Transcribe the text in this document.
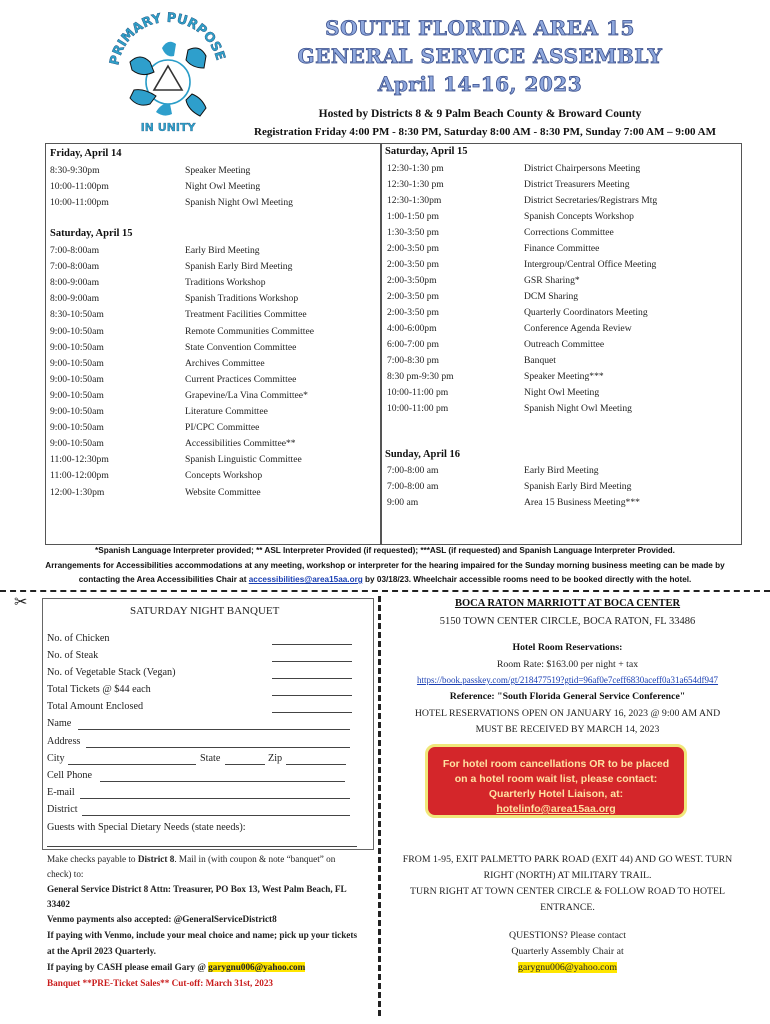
PRIMARY PURPOSE
IN UNITY
SOUTH FLORIDA AREA 15
GENERAL SERVICE ASSEMBLY
April 14-16, 2023
Hosted by Districts 8 & 9 Palm Beach County & Broward County
Registration Friday 4:00 PM - 8:30 PM, Saturday 8:00 AM - 8:30 PM, Sunday 7:00 AM – 9:00 AM
Friday, April 14
8:30-9:30pm	Speaker Meeting
10:00-11:00pm	Night Owl Meeting
10:00-11:00pm	Spanish Night Owl Meeting
Saturday, April 15
7:00-8:00am	Early Bird Meeting
7:00-8:00am	Spanish Early Bird Meeting
8:00-9:00am	Traditions Workshop
8:00-9:00am	Spanish Traditions Workshop
8:30-10:50am	Treatment Facilities Committee
9:00-10:50am	Remote Communities Committee
9:00-10:50am	State Convention Committee
9:00-10:50am	Archives Committee
9:00-10:50am	Current Practices Committee
9:00-10:50am	Grapevine/La Vina Committee*
9:00-10:50am	Literature Committee
9:00-10:50am	PI/CPC Committee
9:00-10:50am	Accessibilities Committee**
11:00-12:30pm	Spanish Linguistic Committee
11:00-12:00pm	Concepts Workshop
12:00-1:30pm	Website Committee
Saturday, April 15
12:30-1:30 pm	District Chairpersons Meeting
12:30-1:30 pm	District Treasurers Meeting
12:30-1:30pm	District Secretaries/Registrars Mtg
1:00-1:50 pm	Spanish Concepts Workshop
1:30-3:50 pm	Corrections Committee
2:00-3:50 pm	Finance Committee
2:00-3:50 pm	Intergroup/Central Office Meeting
2:00-3:50pm	GSR Sharing*
2:00-3:50 pm	DCM Sharing
2:00-3:50 pm	Quarterly Coordinators Meeting
4:00-6:00pm	Conference Agenda Review
6:00-7:00 pm	Outreach Committee
7:00-8:30 pm	Banquet
8:30 pm-9:30 pm	Speaker Meeting***
10:00-11:00 pm	Night Owl Meeting
10:00-11:00 pm	Spanish Night Owl Meeting
Sunday, April 16
7:00-8:00 am	Early Bird Meeting
7:00-8:00 am	Spanish Early Bird Meeting
9:00 am	Area 15 Business Meeting***
*Spanish Language Interpreter provided; ** ASL Interpreter Provided (if requested); ***ASL (if requested) and Spanish Language Interpreter Provided.
Arrangements for Accessibilities accommodations at any meeting, workshop or interpreter for the hearing impaired for the Sunday morning business meeting can be made by
contacting the Area Accessibilities Chair at accessibilities@area15aa.org by 03/18/23. Wheelchair accessible rooms need to be booked directly with the hotel.
✂	SATURDAY NIGHT BANQUET
No. of Chicken
No. of Steak
No. of Vegetable Stack (Vegan)
Total Tickets @ $44 each
Total Amount Enclosed
Name
Address
City	State	Zip
Cell Phone
E-mail
District
Guests with Special Dietary Needs (state needs):
Make checks payable to District 8. Mail in (with coupon & note “banquet” on
check) to:
General Service District 8 Attn: Treasurer, PO Box 13, West Palm Beach, FL
33402
Venmo payments also accepted: @GeneralServiceDistrict8
If paying with Venmo, include your meal choice and name; pick up your tickets
at the April 2023 Quarterly.
If paying by CASH please email Gary @ garygnu006@yahoo.com
Banquet **PRE-Ticket Sales** Cut-off: March 31st, 2023
BOCA RATON MARRIOTT AT BOCA CENTER
5150 TOWN CENTER CIRCLE, BOCA RATON, FL 33486
Hotel Room Reservations:
Room Rate: $163.00 per night + tax
https://book.passkey.com/gt/218477519?gtid=96af0e7ceff6830aceff0a31a654df947
Reference: "South Florida General Service Conference"
HOTEL RESERVATIONS OPEN ON JANUARY 16, 2023 @ 9:00 AM AND
MUST BE RECEIVED BY MARCH 14, 2023
For hotel room cancellations OR to be placed
on a hotel room wait list, please contact:
Quarterly Hotel Liaison, at:
hotelinfo@area15aa.org
FROM 1-95, EXIT PALMETTO PARK ROAD (EXIT 44) AND GO WEST. TURN
RIGHT (NORTH) AT MILITARY TRAIL.
TURN RIGHT AT TOWN CENTER CIRCLE & FOLLOW ROAD TO HOTEL
ENTRANCE.
QUESTIONS? Please contact
Quarterly Assembly Chair at
garygnu006@yahoo.com
